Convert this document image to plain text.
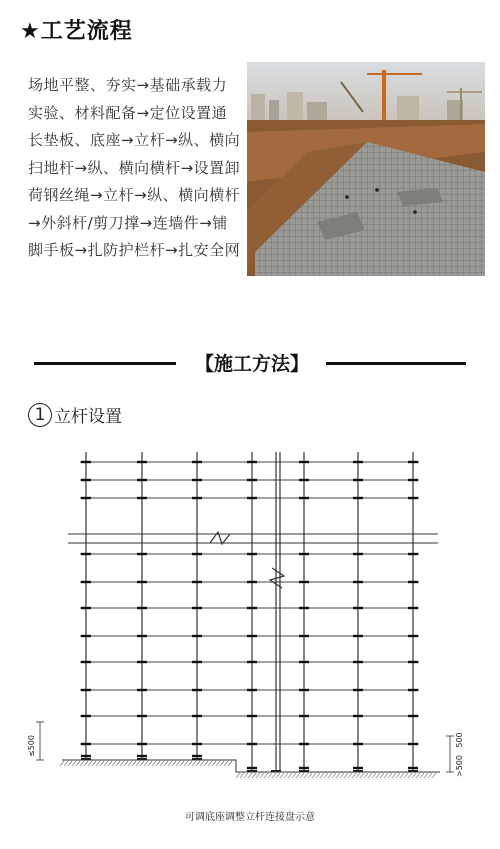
★工艺流程
场地平整、夯实→基础承载力实验、材料配备→定位设置通长垫板、底座→立杆→纵、横向扫地杆→纵、横向横杆→设置卸荷钢丝绳→立杆→纵、横向横杆→外斜杆/剪刀撑→连墙件→铺脚手板→扎防护栏杆→扎安全网
【施工方法】
1 立杆设置
≤500
>500
500
可调底座调整立杆连接盘示意
